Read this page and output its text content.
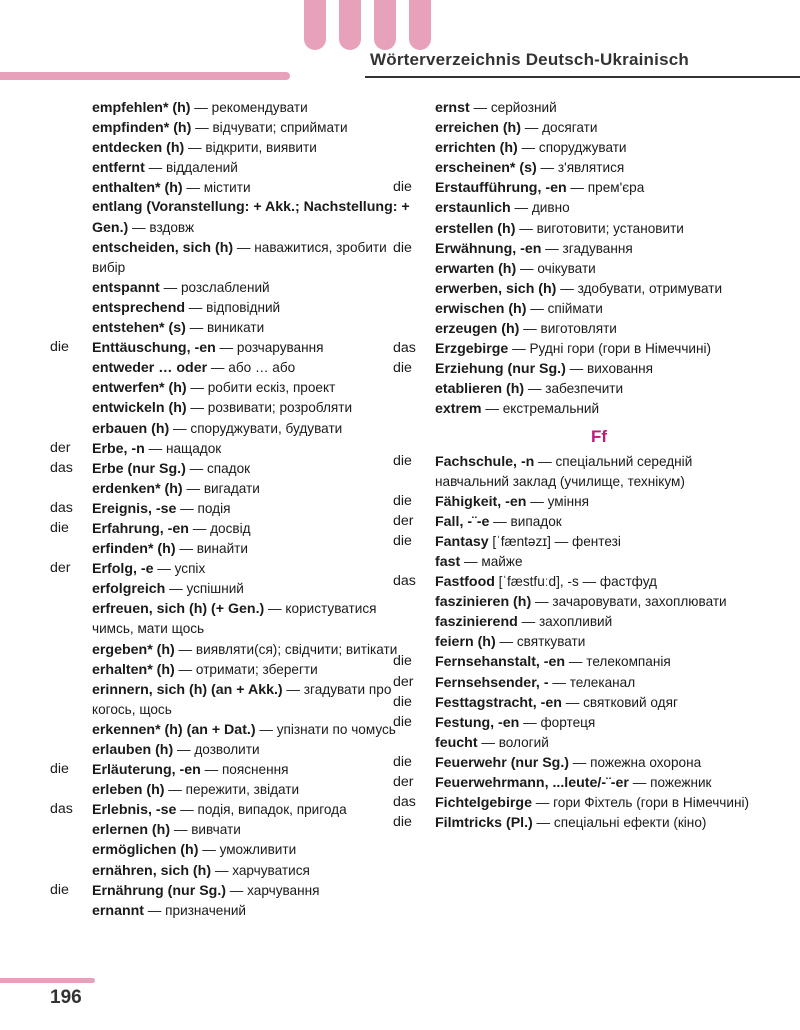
Wörterverzeichnis Deutsch-Ukrainisch
empfehlen* (h) — рекомендувати
empfinden* (h) — відчувати; сприймати
entdecken (h) — відкрити, виявити
entfernt — віддалений
enthalten* (h) — містити
entlang (Voranstellung: + Akk.; Nachstellung: + Gen.) — вздовж
entscheiden, sich (h) — наважитися, зробити вибір
entspannt — розслаблений
entsprechend — відповідний
entstehen* (s) — виникати
die	Enttäuschung, -en — розчарування
entweder … oder — або … або
entwerfen* (h) — робити ескіз, проект
entwickeln (h) — розвивати; розробляти
erbauen (h) — споруджувати, будувати
der	Erbe, -n — нащадок
das	Erbe (nur Sg.) — спадок
erdenken* (h) — вигадати
das	Ereignis, -se — подія
die	Erfahrung, -en — досвід
erfinden* (h) — винайти
der	Erfolg, -e — успіх
erfolgreich — успішний
erfreuen, sich (h) (+ Gen.) — користуватися чимсь, мати щось
ergeben* (h) — виявляти(ся); свідчити; витікати
erhalten* (h) — отримати; зберегти
erinnern, sich (h) (an + Akk.) — згадувати про когось, щось
erkennen* (h) (an + Dat.) — упізнати по чомусь
erlauben (h) — дозволити
die	Erläuterung, -en — пояснення
erleben (h) — пережити, звідати
das	Erlebnis, -se — подія, випадок, пригода
erlernen (h) — вивчати
ermöglichen (h) — уможливити
ernähren, sich (h) — харчуватися
die	Ernährung (nur Sg.) — харчування
ernannt — призначений
ernst — серйозний
erreichen (h) — досягати
errichten (h) — споруджувати
erscheinen* (s) — з'являтися
die	Erstaufführung, -en — прем'єра
erstaunlich — дивно
erstellen (h) — виготовити; установити
die	Erwähnung, -en — згадування
erwarten (h) — очікувати
erwerben, sich (h) — здобувати, отримувати
erwischen (h) — спіймати
erzeugen (h) — виготовляти
das	Erzgebirge — Рудні гори (гори в Німеччині)
die	Erziehung (nur Sg.) — виховання
etablieren (h) — забезпечити
extrem — екстремальний
Ff
die	Fachschule, -n — спеціальний середній навчальний заклад (училище, технікум)
die	Fähigkeit, -en — уміння
der	Fall, -¨-e — випадок
die	Fantasy [ˈfæntəzɪ] — фентезі
fast — майже
das	Fastfood [ˈfæstfuːd], -s — фастфуд
faszinieren (h) — зачаровувати, захоплювати
faszinierend — захопливий
feiern (h) — святкувати
die	Fernsehanstalt, -en — телекомпанія
der	Fernsehsender, - — телеканал
die	Festtagstracht, -en — святковий одяг
die	Festung, -en — фортеця
feucht — вологий
die	Feuerwehr (nur Sg.) — пожежна охорона
der	Feuerwehrmann, ...leute/-¨-er — пожежник
das	Fichtelgebirge — гори Фіхтель (гори в Німеччині)
die	Filmtricks (Pl.) — спеціальні ефекти (кіно)
196
